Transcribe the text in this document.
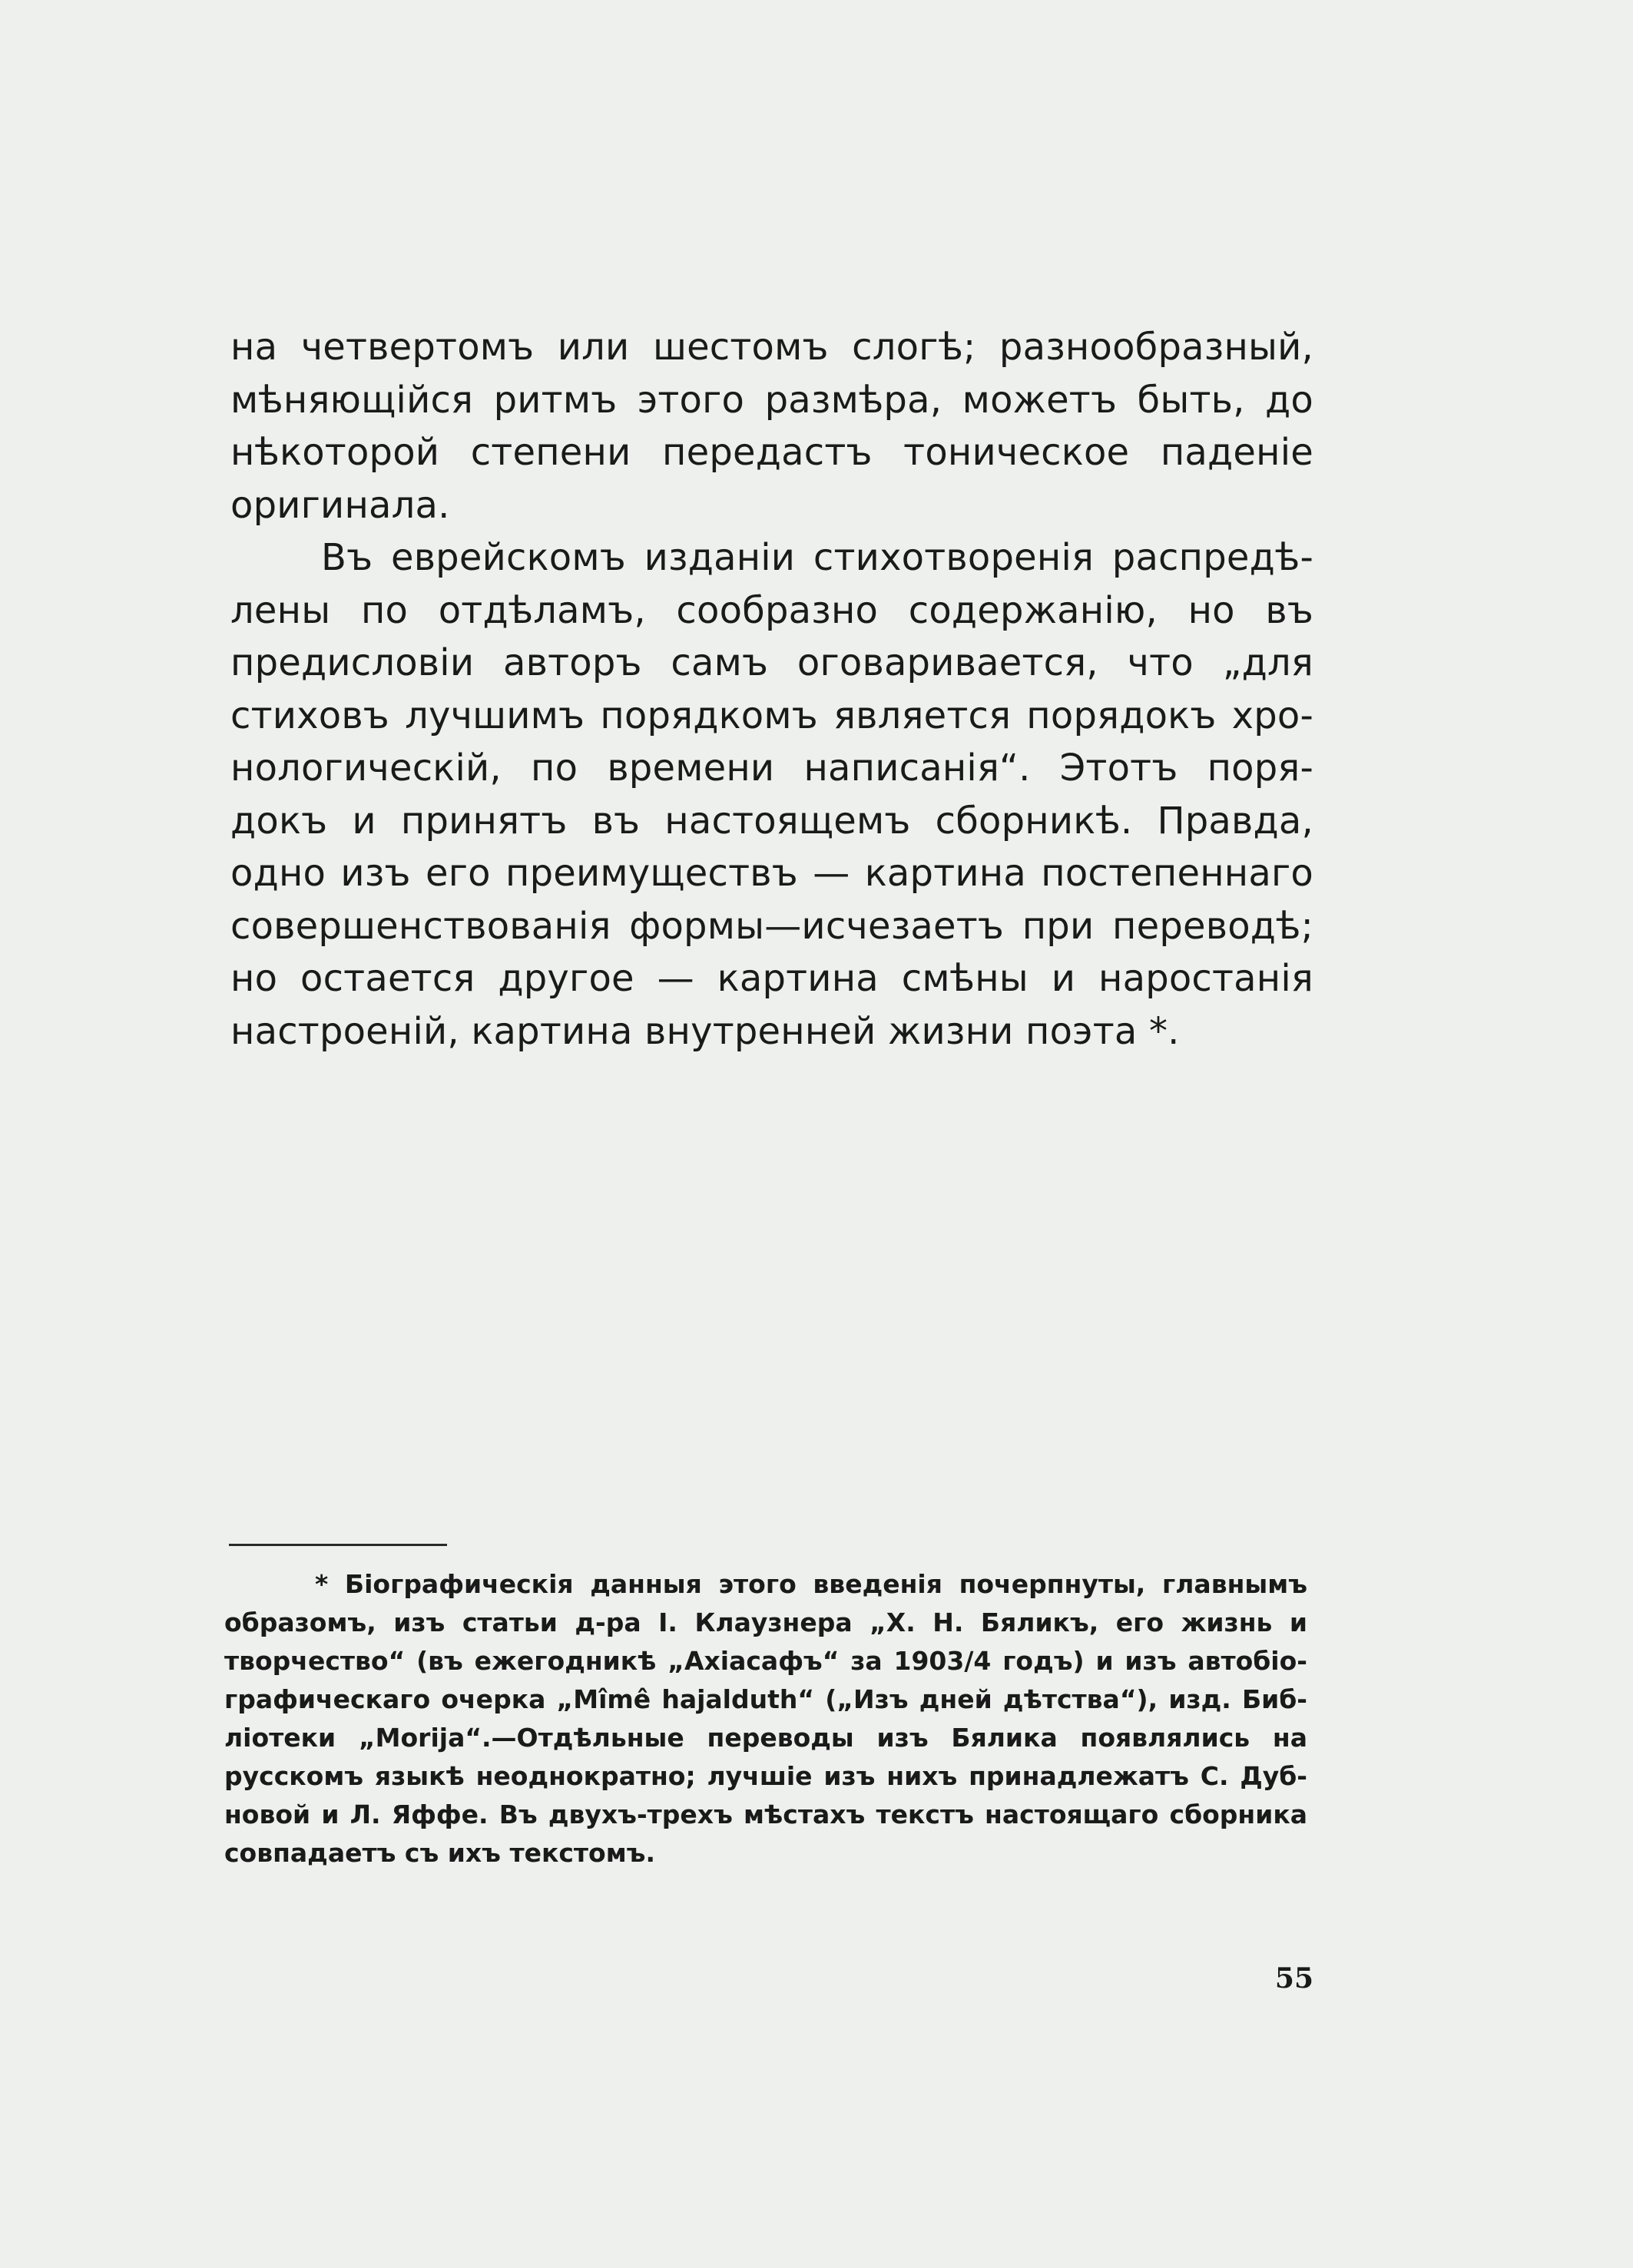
на четвертомъ или шестомъ слогѣ; разнообразный,
мѣняющійся ритмъ этого размѣра, можетъ быть, до
нѣкоторой степени передастъ тоническое паденіе
оригинала.
Въ еврейскомъ изданіи стихотворенія распредѣ-
лены по отдѣламъ, сообразно содержанію, но въ
предисловіи авторъ самъ оговаривается, что „для
стиховъ лучшимъ порядкомъ является порядокъ хро-
нологическій, по времени написанія“. Этотъ поря-
докъ и принятъ въ настоящемъ сборникѣ. Правда,
одно изъ его преимуществъ — картина постепеннаго
совершенствованія формы—исчезаетъ при переводѣ;
но остается другое — картина смѣны и наростанія
настроеній, картина внутренней жизни поэта *.
* Біографическія данныя этого введенія почерпнуты, главнымъ
образомъ, изъ статьи д-ра І. Клаузнера „Х. Н. Бяликъ, его жизнь и
творчество“ (въ ежегодникѣ „Ахіасафъ“ за 1903/4 годъ) и изъ автобіо-
графическаго очерка „Mîmê hajalduth“ („Изъ дней дѣтства“), изд. Биб-
ліотеки „Morija“.—Отдѣльные переводы изъ Бялика появлялись на
русскомъ языкѣ неоднократно; лучшіе изъ нихъ принадлежатъ С. Дуб-
новой и Л. Яффе. Въ двухъ-трехъ мѣстахъ текстъ настоящаго сборника
совпадаетъ съ ихъ текстомъ.
55
